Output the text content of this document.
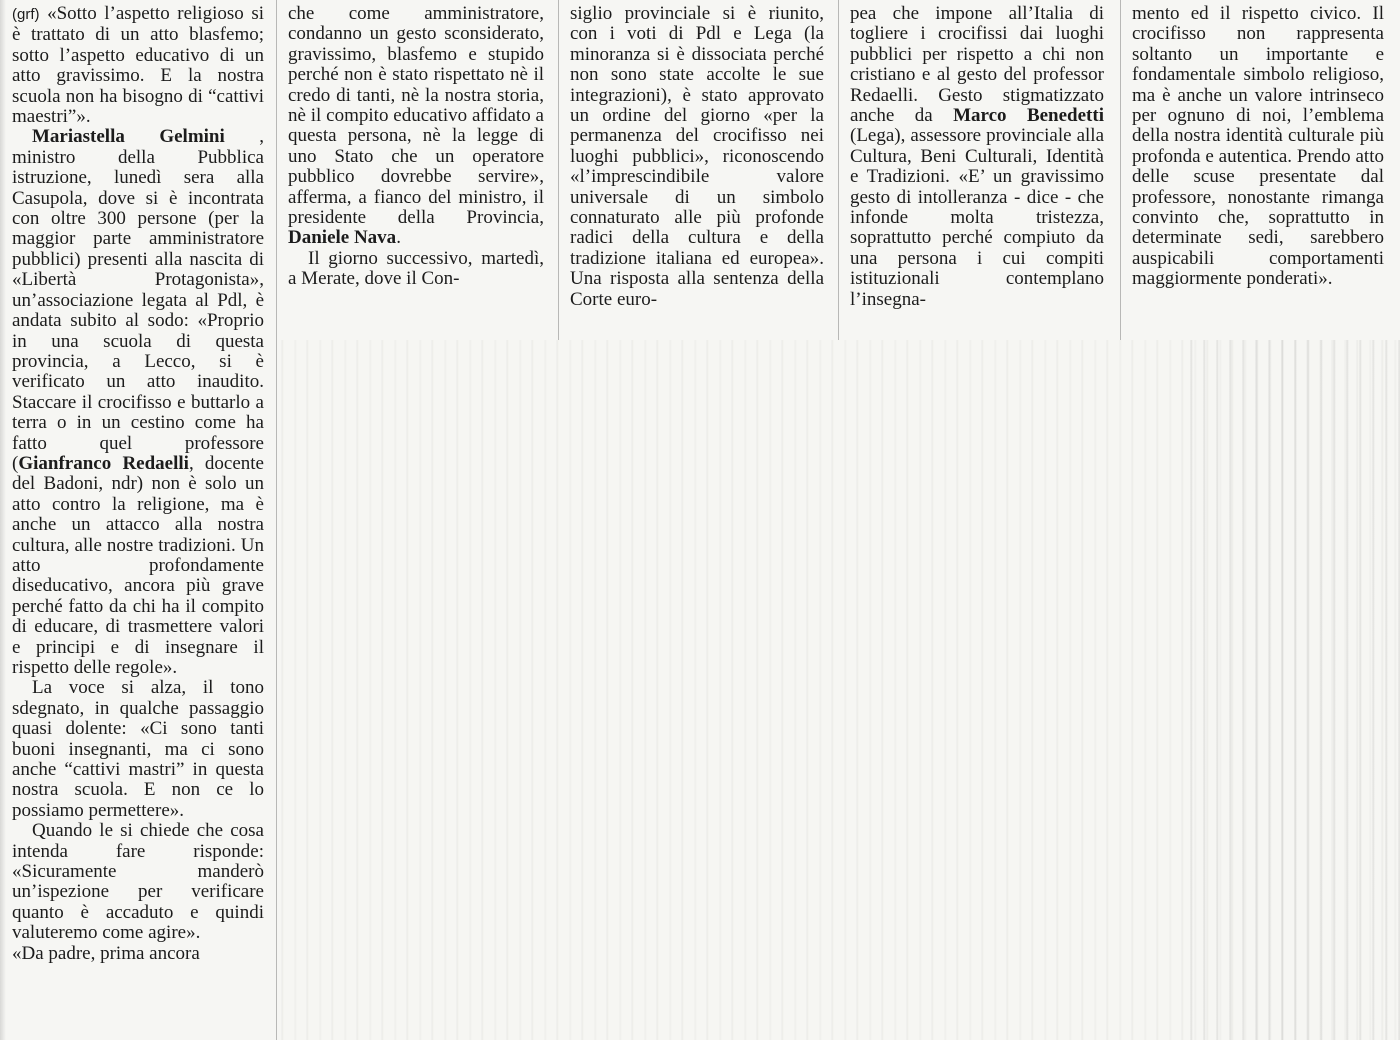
(grf) «Sotto l’aspetto religioso si è trattato di un atto blasfemo; sotto l’aspetto educativo di un atto gravissimo. E la nostra scuola non ha bisogno di “cattivi maestri”».

Mariastella Gelmini , ministro della Pubblica istruzione, lunedì sera alla Casupola, dove si è incontrata con oltre 300 persone (per la maggior parte amministratore pubblici) presenti alla nascita di «Libertà Protagonista», un’associazione legata al Pdl, è andata subito al sodo: «Proprio in una scuola di questa provincia, a Lecco, si è verificato un atto inaudito. Staccare il crocifisso e buttarlo a terra o in un cestino come ha fatto quel professore (Gianfranco Redaelli, docente del Badoni, ndr) non è solo un atto contro la religione, ma è anche un attacco alla nostra cultura, alle nostre tradizioni. Un atto profondamente diseducativo, ancora più grave perché fatto da chi ha il compito di educare, di trasmettere valori e principi e di insegnare il rispetto delle regole».

La voce si alza, il tono sdegnato, in qualche passaggio quasi dolente: «Ci sono tanti buoni insegnanti, ma ci sono anche “cattivi mastri” in questa nostra scuola. E non ce lo possiamo permettere».

Quando le si chiede che cosa intenda fare risponde: «Sicuramente manderò un’ispezione per verificare quanto è accaduto e quindi valuteremo come agire».

«Da padre, prima ancora

che come amministratore, condanno un gesto sconsiderato, gravissimo, blasfemo e stupido perché non è stato rispettato nè il credo di tanti, nè la nostra storia, nè il compito educativo affidato a questa persona, nè la legge di uno Stato che un operatore pubblico dovrebbe servire», afferma, a fianco del ministro, il presidente della Provincia, Daniele Nava.

Il giorno successivo, martedì, a Merate, dove il Con-

siglio provinciale si è riunito, con i voti di Pdl e Lega (la minoranza si è dissociata perché non sono state accolte le sue integrazioni), è stato approvato un ordine del giorno «per la permanenza del crocifisso nei luoghi pubblici», riconoscendo «l’imprescindibile valore universale di un simbolo connaturato alle più profonde radici della cultura e della tradizione italiana ed europea». Una risposta alla sentenza della Corte euro-

pea che impone all’Italia di togliere i crocifissi dai luoghi pubblici per rispetto a chi non cristiano e al gesto del professor Redaelli. Gesto stigmatizzato anche da Marco Benedetti (Lega), assessore provinciale alla Cultura, Beni Culturali, Identità e Tradizioni. «E’ un gravissimo gesto di intolleranza - dice - che infonde molta tristezza, soprattutto perché compiuto da una persona i cui compiti istituzionali contemplano l’insegna-

mento ed il rispetto civico. Il crocifisso non rappresenta soltanto un importante e fondamentale simbolo religioso, ma è anche un valore intrinseco per ognuno di noi, l’emblema della nostra identità culturale più profonda e autentica. Prendo atto delle scuse presentate dal professore, nonostante rimanga convinto che, soprattutto in determinate sedi, sarebbero auspicabili comportamenti maggiormente ponderati».
